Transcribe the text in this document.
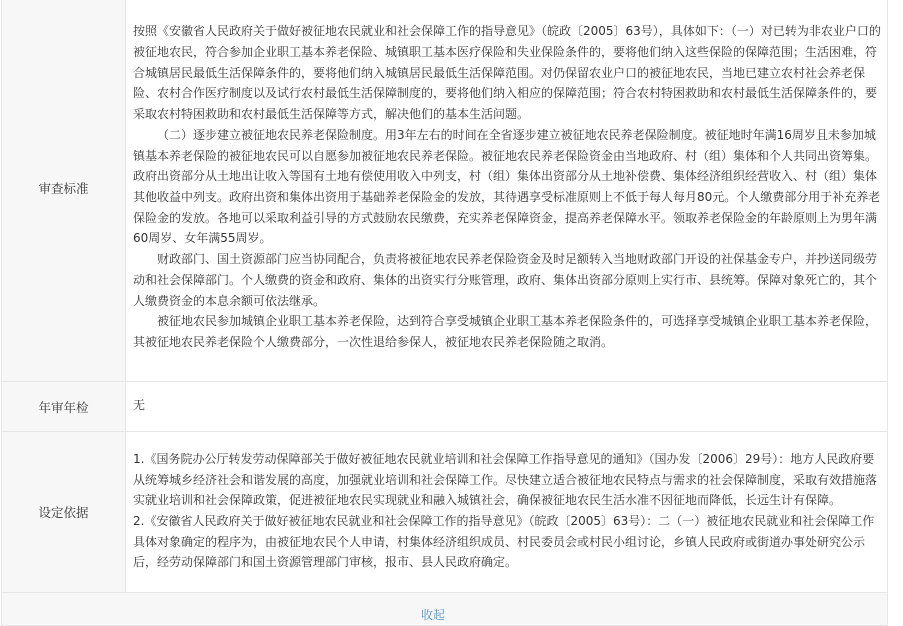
审查标准	按照《安徽省人民政府关于做好被征地农民就业和社会保障工作的指导意见》（皖政〔2005〕63号），具体如下：（一）对已转为非农业户口的被征地农民，符合参加企业职工基本养老保险、城镇职工基本医疗保险和失业保险条件的，要将他们纳入这些保险的保障范围；生活困难，符合城镇居民最低生活保障条件的，要将他们纳入城镇居民最低生活保障范围。对仍保留农业户口的被征地农民，当地已建立农村社会养老保险、农村合作医疗制度以及试行农村最低生活保障制度的，要将他们纳入相应的保障范围；符合农村特困救助和农村最低生活保障条件的，要采取农村特困救助和农村最低生活保障等方式，解决他们的基本生活问题。

（二）逐步建立被征地农民养老保险制度。用3年左右的时间在全省逐步建立被征地农民养老保险制度。被征地时年满16周岁且未参加城镇基本养老保险的被征地农民可以自愿参加被征地农民养老保险。被征地农民养老保险资金由当地政府、村（组）集体和个人共同出资筹集。政府出资部分从土地出让收入等国有土地有偿使用收入中列支，村（组）集体出资部分从土地补偿费、集体经济组织经营收入、村（组）集体其他收益中列支。政府出资和集体出资用于基础养老保险金的发放，其待遇享受标准原则上不低于每人每月80元。个人缴费部分用于补充养老保险金的发放。各地可以采取利益引导的方式鼓励农民缴费，充实养老保障资金，提高养老保障水平。领取养老保险金的年龄原则上为男年满60周岁、女年满55周岁。

财政部门、国土资源部门应当协同配合，负责将被征地农民养老保险资金及时足额转入当地财政部门开设的社保基金专户，并抄送同级劳动和社会保障部门。个人缴费的资金和政府、集体的出资实行分账管理，政府、集体出资部分原则上实行市、县统筹。保障对象死亡的，其个人缴费资金的本息余额可依法继承。

被征地农民参加城镇企业职工基本养老保险，达到符合享受城镇企业职工基本养老保险条件的，可选择享受城镇企业职工基本养老保险，其被征地农民养老保险个人缴费部分，一次性退给参保人，被征地农民养老保险随之取消。

年审年检	无

设定依据	1.《国务院办公厅转发劳动保障部关于做好被征地农民就业培训和社会保障工作指导意见的通知》（国办发〔2006〕29号）：地方人民政府要从统筹城乡经济社会和谐发展的高度，加强就业培训和社会保障工作。尽快建立适合被征地农民特点与需求的社会保障制度，采取有效措施落实就业培训和社会保障政策，促进被征地农民实现就业和融入城镇社会，确保被征地农民生活水准不因征地而降低，长远生计有保障。

2.《安徽省人民政府关于做好被征地农民就业和社会保障工作的指导意见》（皖政〔2005〕63号）：二（一）被征地农民就业和社会保障工作具体对象确定的程序为，由被征地农民个人申请，村集体经济组织成员、村民委员会或村民小组讨论，乡镇人民政府或街道办事处研究公示后，经劳动保障部门和国土资源管理部门审核，报市、县人民政府确定。

收起	
